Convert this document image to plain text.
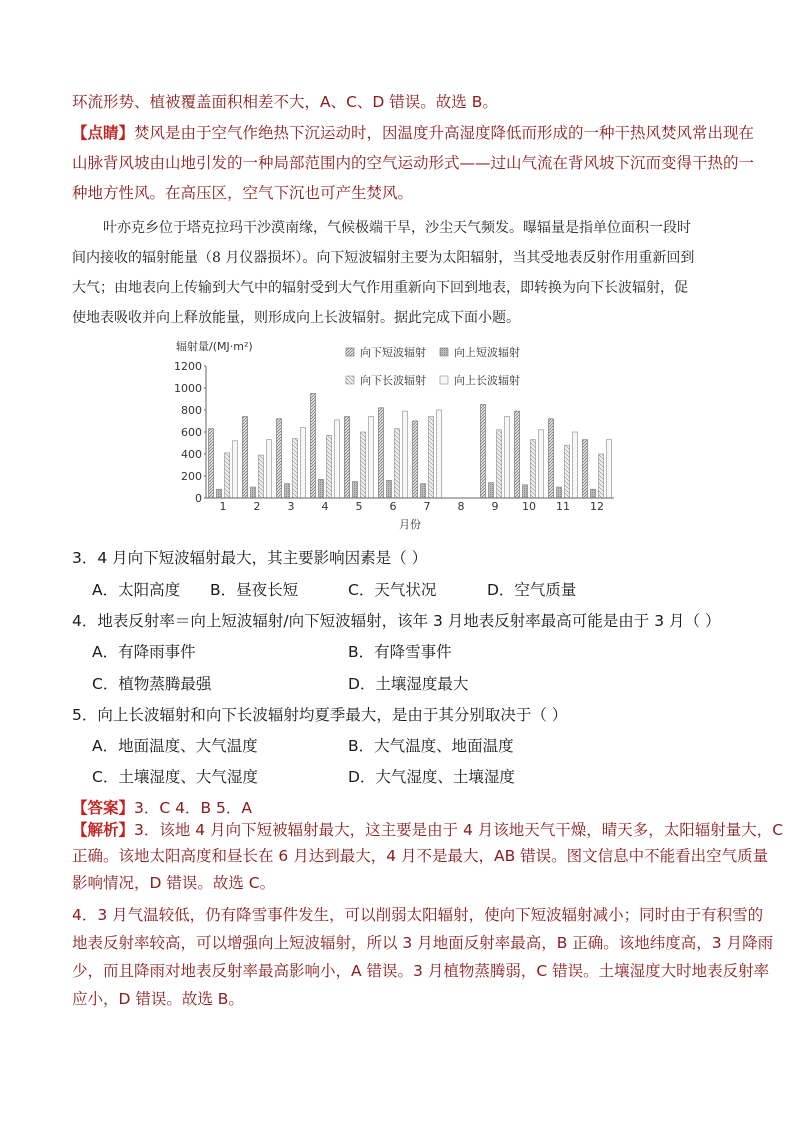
环流形势、植被覆盖面积相差不大，A、C、D 错误。故选 B。
【点睛】焚风是由于空气作绝热下沉运动时，因温度升高湿度降低而形成的一种干热风焚风常出现在
山脉背风坡由山地引发的一种局部范围内的空气运动形式——过山气流在背风坡下沉而变得干热的一
种地方性风。在高压区，空气下沉也可产生焚风。
叶亦克乡位于塔克拉玛干沙漠南缘，气候极端干旱，沙尘天气频发。曝辐量是指单位面积一段时
间内接收的辐射能量（8 月仪器损坏）。向下短波辐射主要为太阳辐射，当其受地表反射作用重新回到
大气；由地表向上传输到大气中的辐射受到大气作用重新向下回到地表，即转换为向下长波辐射，促
使地表吸收并向上释放能量，则形成向上长波辐射。据此完成下面小题。
辐射量/(MJ·m²)
0
200
400
600
800
1000
1200
1 2 3 4 5 6 7 8 9 10 11 12
向下短波辐射	向上短波辐射
向下长波辐射	向上长波辐射
月份
3．4 月向下短波辐射最大，其主要影响因素是（ ）
A．太阳高度 B．昼夜长短	C．天气状况	D．空气质量
4．地表反射率＝向上短波辐射/向下短波辐射，该年 3 月地表反射率最高可能是由于 3 月（ ）
A．有降雨事件	B．有降雪事件
C．植物蒸腾最强	D．土壤湿度最大
5．向上长波辐射和向下长波辐射均夏季最大，是由于其分别取决于（ ）
A．地面温度、大气温度	B．大气温度、地面温度
C．土壤湿度、大气湿度	D．大气湿度、土壤湿度
【答案】3．C 4．B 5．A
【解析】3．该地 4 月向下短被辐射最大，这主要是由于 4 月该地天气干燥，晴天多，太阳辐射量大，C
正确。该地太阳高度和昼长在 6 月达到最大，4 月不是最大，AB 错误。图文信息中不能看出空气质量
影响情况，D 错误。故选 C。
4．3 月气温较低，仍有降雪事件发生，可以削弱太阳辐射，使向下短波辐射减小；同时由于有积雪的
地表反射率较高，可以增强向上短波辐射，所以 3 月地面反射率最高，B 正确。该地纬度高，3 月降雨
少，而且降雨对地表反射率最高影响小，A 错误。3 月植物蒸腾弱，C 错误。土壤湿度大时地表反射率
应小，D 错误。故选 B。
